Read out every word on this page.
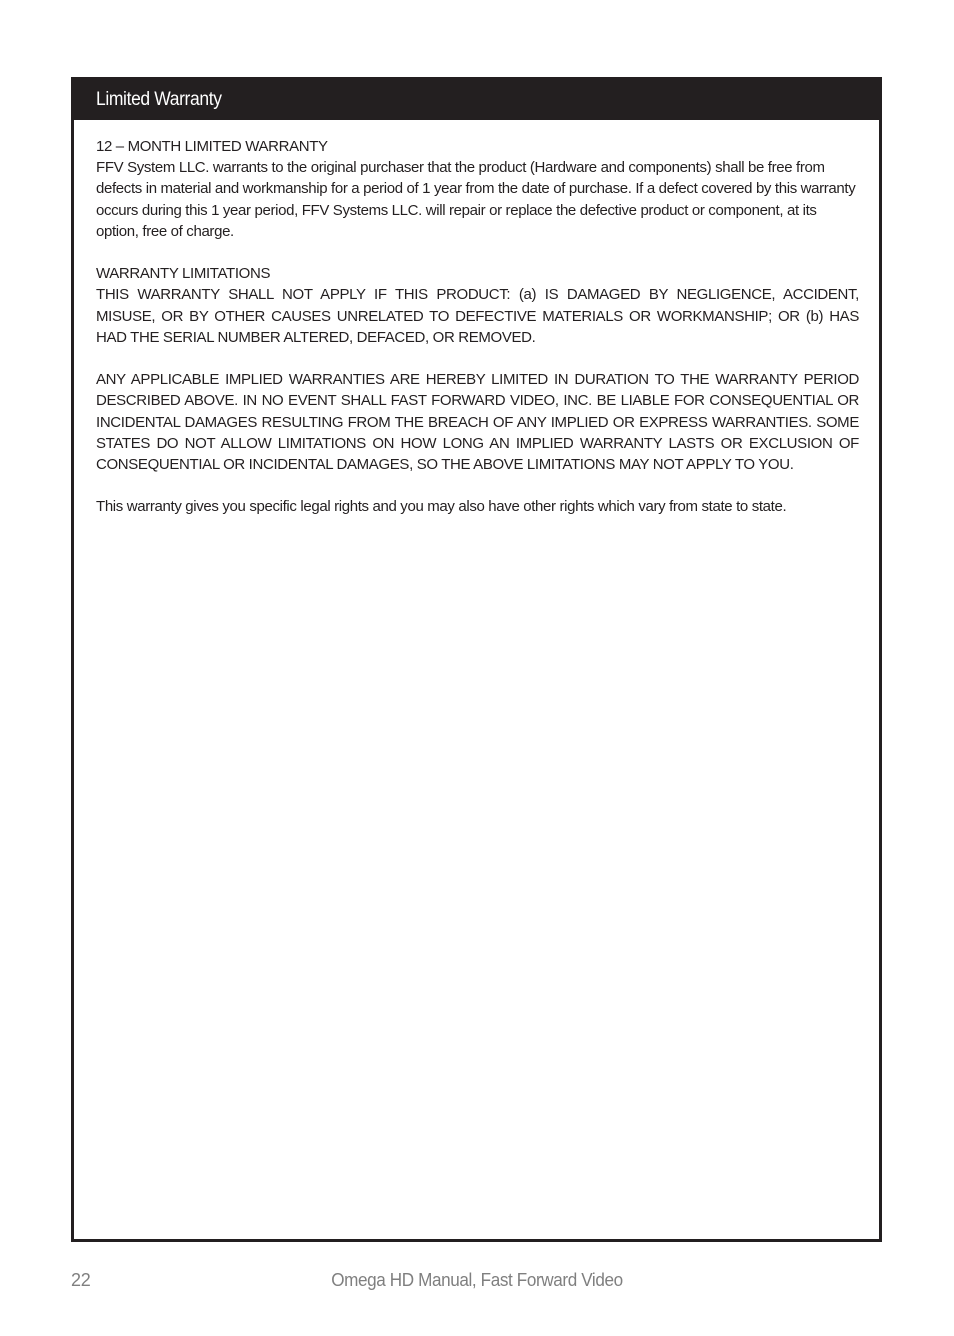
Limited Warranty

12 – MONTH LIMITED WARRANTY
FFV System LLC. warrants to the original purchaser that the product (Hardware and components) shall be free from defects in material and workmanship for a period of 1 year from the date of purchase. If a defect covered by this warranty occurs during this 1 year period, FFV Systems LLC. will repair or replace the defective product or component, at its option, free of charge.

WARRANTY LIMITATIONS
THIS WARRANTY SHALL NOT APPLY IF THIS PRODUCT: (a) IS DAMAGED BY NEGLIGENCE, ACCIDENT, MISUSE, OR BY OTHER CAUSES UNRELATED TO DEFECTIVE MATERIALS OR WORKMANSHIP; OR (b) HAS HAD THE SERIAL NUMBER ALTERED, DEFACED, OR REMOVED.

ANY APPLICABLE IMPLIED WARRANTIES ARE HEREBY LIMITED IN DURATION TO THE WARRANTY PERIOD DESCRIBED ABOVE. IN NO EVENT SHALL FAST FORWARD VIDEO, INC. BE LIABLE FOR CONSEQUENTIAL OR INCIDENTAL DAMAGES RESULTING FROM THE BREACH OF ANY IMPLIED OR EXPRESS WARRANTIES. SOME STATES DO NOT ALLOW LIMITATIONS ON HOW LONG AN IMPLIED WARRANTY LASTS OR EXCLUSION OF CONSEQUENTIAL OR INCIDENTAL DAMAGES, SO THE ABOVE LIMITATIONS MAY NOT APPLY TO YOU.

This warranty gives you specific legal rights and you may also have other rights which vary from state to state.

22	Omega HD Manual, Fast Forward Video
